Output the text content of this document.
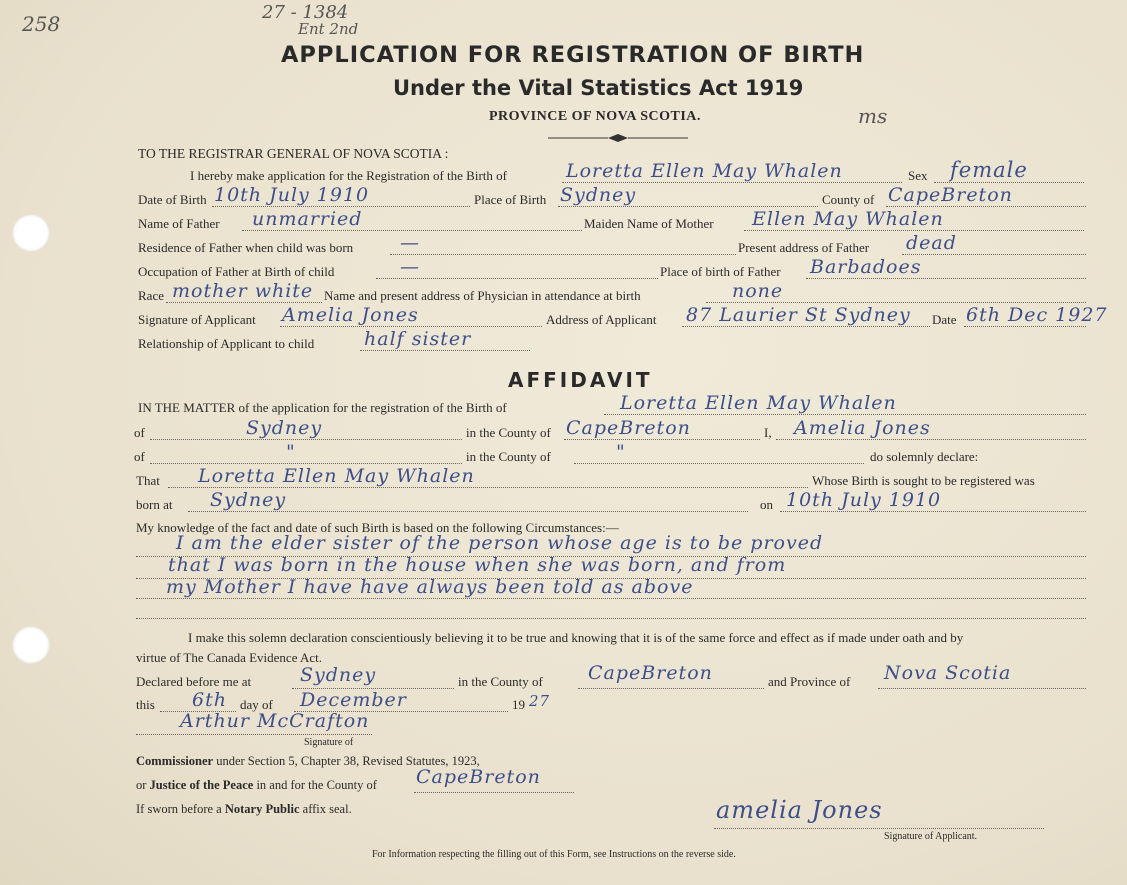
258	27 - 1384
Ent 2nd
ms
APPLICATION FOR REGISTRATION OF BIRTH
Under the Vital Statistics Act 1919
PROVINCE OF NOVA SCOTIA.
TO THE REGISTRAR GENERAL OF NOVA SCOTIA :
I hereby make application for the Registration of the Birth of	Loretta Ellen May Whalen	Sex female
Date of Birth 10th July 1910	Place of Birth Sydney	County of CapeBreton
Name of Father unmarried	Maiden Name of Mother Ellen May Whalen
Residence of Father when child was born —	Present address of Father dead
Occupation of Father at Birth of child	—	Place of birth of Father Barbadoes
Race mother white Name and present address of Physician in attendance at birth	none
Signature of Applicant Amelia Jones	Address of Applicant 87 Laurier St Sydney Date 6th Dec 1927
Relationship of Applicant to child	half sister
AFFIDAVIT
IN THE MATTER of the application for the registration of the Birth of	Loretta Ellen May Whalen
of	Sydney	in the County of CapeBreton	I, Amelia Jones
of	"	in the County of	"	do solemnly declare:
That Loretta Ellen May Whalen	Whose Birth is sought to be registered was
born at Sydney	on 10th July 1910
My knowledge of the fact and date of such Birth is based on the following Circumstances:—
I am the elder sister of the person whose age is to be proved
that I was born in the house when she was born, and from
my Mother I have have always been told as above
I make this solemn declaration conscientiously believing it to be true and knowing that it is of the same force and effect as if made under oath and by
virtue of The Canada Evidence Act.
Declared before me at	Sydney	in the County of CapeBreton	and Province of Nova Scotia
this 6th day of December	19 27
Arthur McCrafton
Signature of
Commissioner under Section 5, Chapter 38, Revised Statutes, 1923,
or Justice of the Peace in and for the County of CapeBreton
If sworn before a Notary Public affix seal.	amelia Jones
Signature of Applicant.
For Information respecting the filling out of this Form, see Instructions on the reverse side.
